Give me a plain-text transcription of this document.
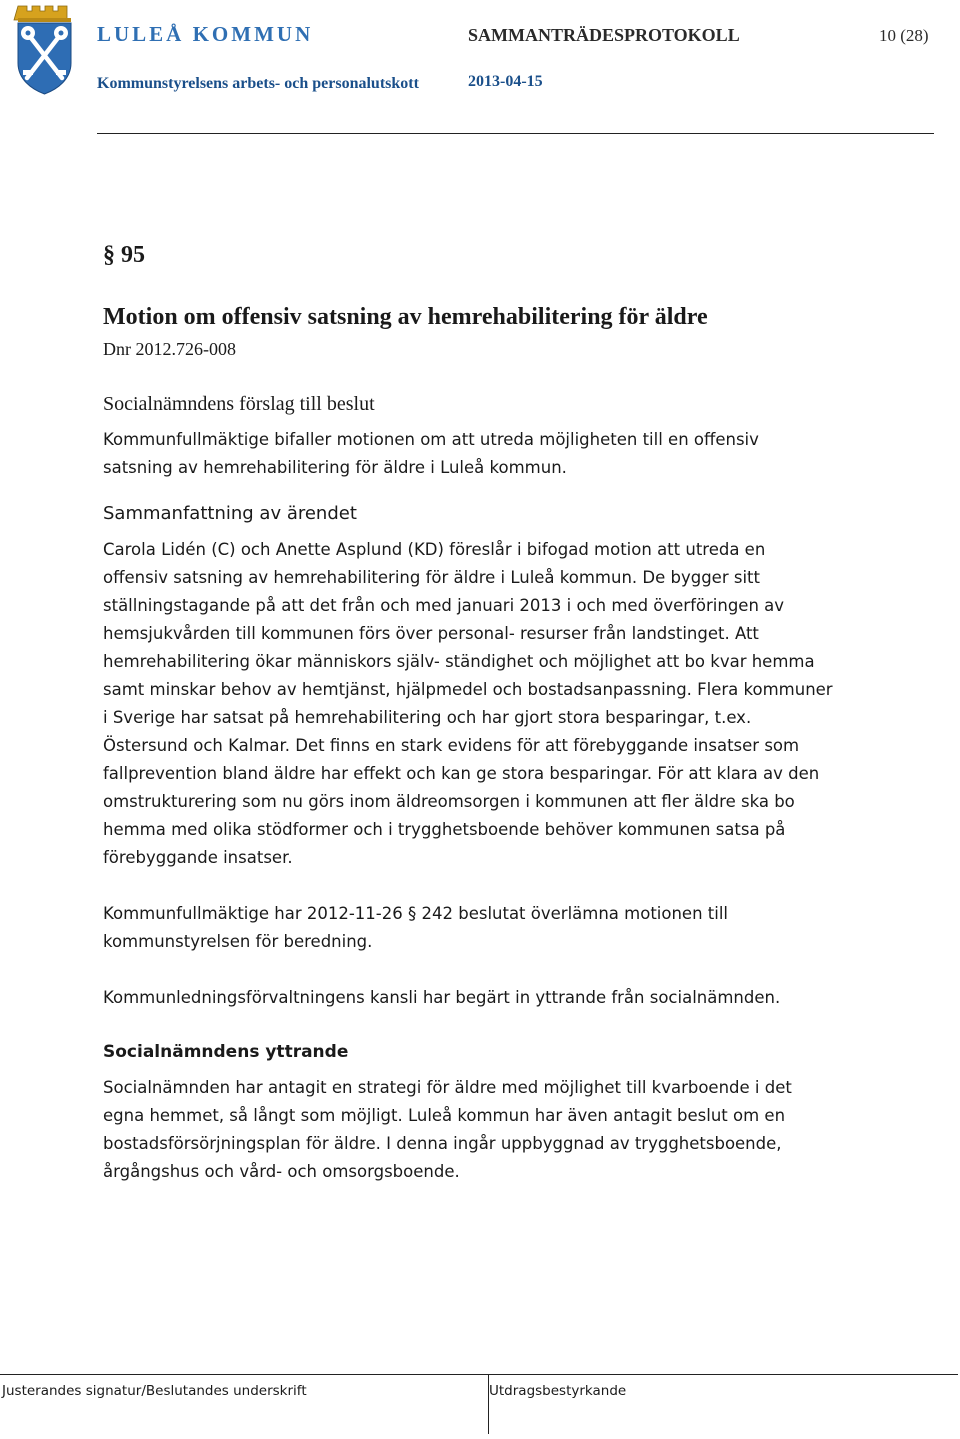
LULEÅ KOMMUN	SAMMANTRÄDESPROTOKOLL	10 (28)
Kommunstyrelsens arbets- och personalutskott	2013-04-15
§ 95
Motion om offensiv satsning av hemrehabilitering för äldre
Dnr 2012.726-008
Socialnämndens förslag till beslut

Kommunfullmäktige bifaller motionen om att utreda möjligheten till en offensiv satsning av hemrehabilitering för äldre i Luleå kommun.

Sammanfattning av ärendet

Carola Lidén (C) och Anette Asplund (KD) föreslår i bifogad motion att utreda en offensiv satsning av hemrehabilitering för äldre i Luleå kommun. De bygger sitt ställningstagande på att det från och med januari 2013 i och med överföringen av hemsjukvården till kommunen förs över personal- resurser från landstinget. Att hemrehabilitering ökar människors själv- ständighet och möjlighet att bo kvar hemma samt minskar behov av hemtjänst, hjälpmedel och bostadsanpassning. Flera kommuner i Sverige har satsat på hemrehabilitering och har gjort stora besparingar, t.ex. Östersund och Kalmar. Det finns en stark evidens för att förebyggande insatser som fallprevention bland äldre har effekt och kan ge stora besparingar. För att klara av den omstrukturering som nu görs inom äldreomsorgen i kommunen att fler äldre ska bo hemma med olika stödformer och i trygghetsboende behöver kommunen satsa på förebyggande insatser.

Kommunfullmäktige har 2012-11-26 § 242 beslutat överlämna motionen till kommunstyrelsen för beredning.

Kommunledningsförvaltningens kansli har begärt in yttrande från socialnämnden.

Socialnämndens yttrande

Socialnämnden har antagit en strategi för äldre med möjlighet till kvarboende i det egna hemmet, så långt som möjligt. Luleå kommun har även antagit beslut om en bostadsförsörjningsplan för äldre. I denna ingår uppbyggnad av trygghetsboende, årgångshus och vård- och omsorgsboende.

Justerandes signatur/Beslutandes underskrift	Utdragsbestyrkande
